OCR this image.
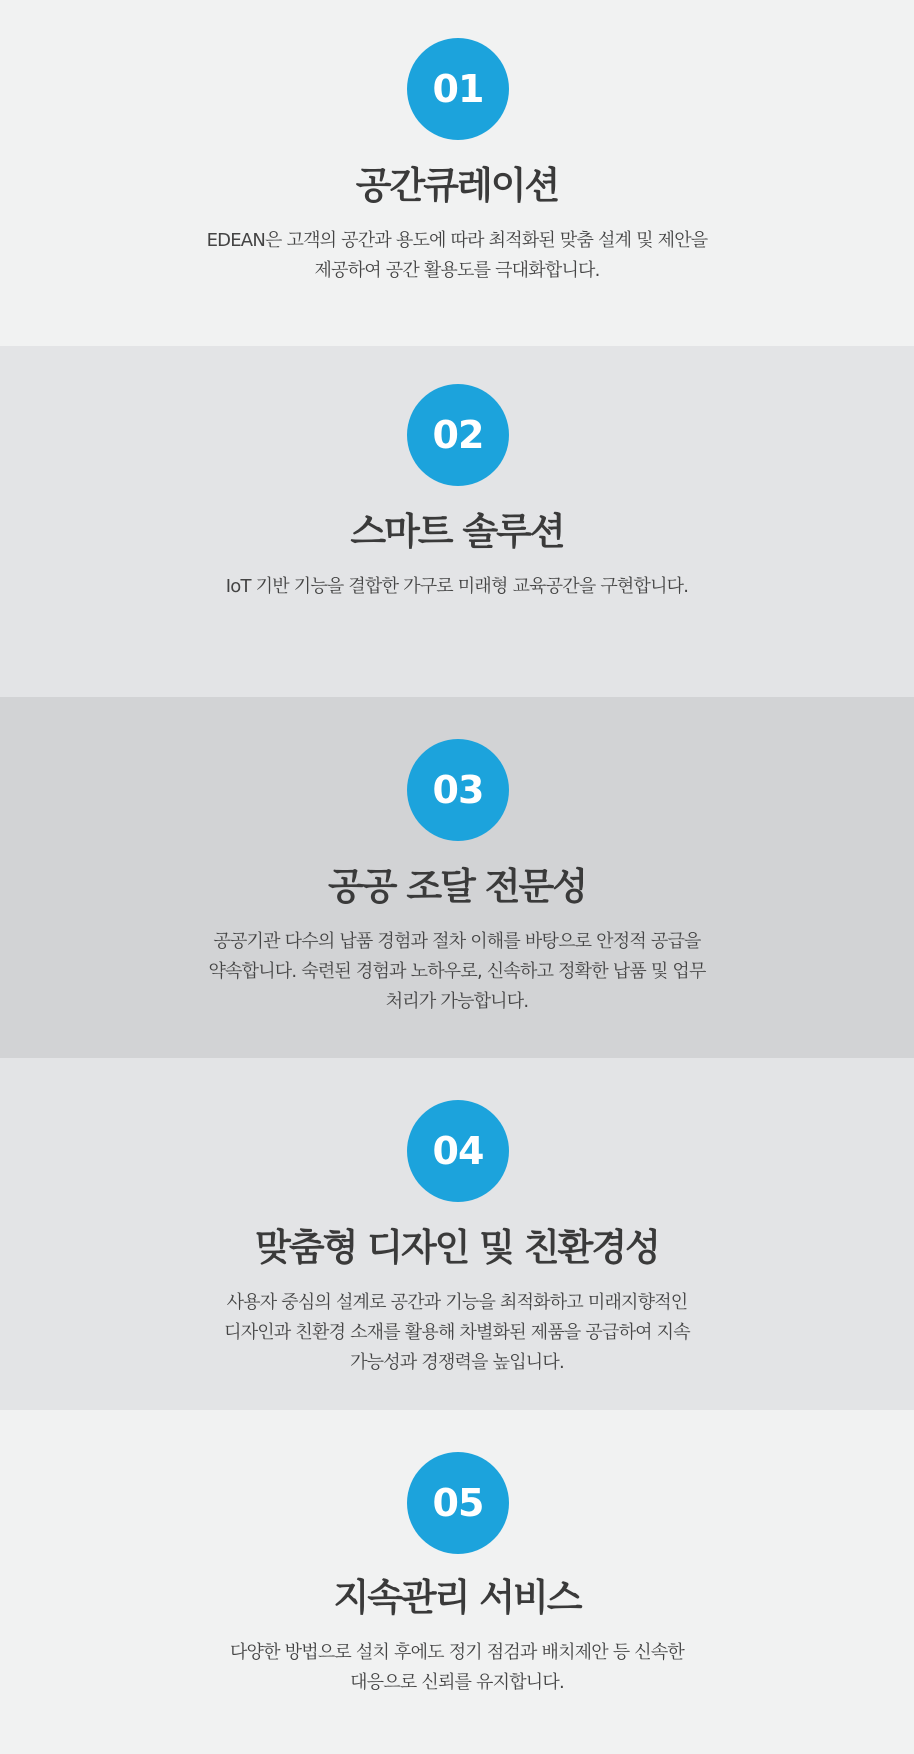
01
공간큐레이션

EDEAN은 고객의 공간과 용도에 따라 최적화된 맞춤 설계 및 제안을 제공하여 공간 활용도를 극대화합니다.

02
스마트 솔루션

IoT 기반 기능을 결합한 가구로 미래형 교육공간을 구현합니다.

03
공공 조달 전문성

공공기관 다수의 납품 경험과 절차 이해를 바탕으로 안정적 공급을 약속합니다. 숙련된 경험과 노하우로, 신속하고 정확한 납품 및 업무 처리가 가능합니다.

04
맞춤형 디자인 및 친환경성

사용자 중심의 설계로 공간과 기능을 최적화하고 미래지향적인 디자인과 친환경 소재를 활용해 차별화된 제품을 공급하여 지속 가능성과 경쟁력을 높입니다.

05
지속관리 서비스

다양한 방법으로 설치 후에도 정기 점검과 배치제안 등 신속한 대응으로 신뢰를 유지합니다.
